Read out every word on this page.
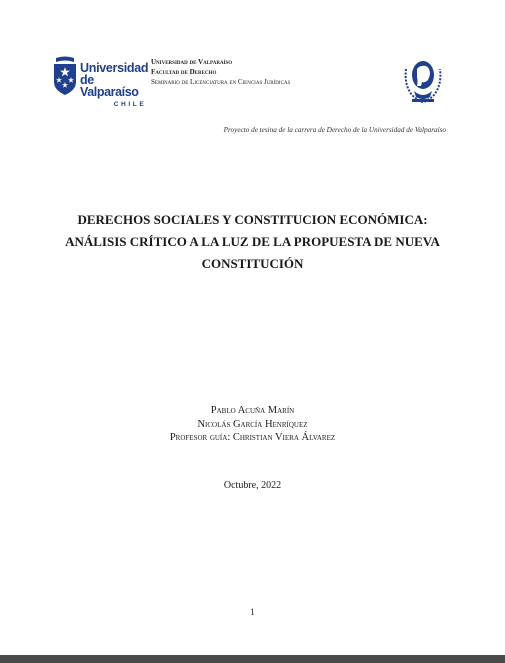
Universidad
de Valparaíso
CHILE
Universidad de Valparaíso
Facultad de Derecho
Seminario de Licenciatura en Ciencias Jurídicas
Proyecto de tesina de la carrera de Derecho de la Universidad de Valparaíso
DERECHOS SOCIALES Y CONSTITUCION ECONÓMICA:
ANÁLISIS CRÍTICO A LA LUZ DE LA PROPUESTA DE NUEVA
CONSTITUCIÓN
Pablo Acuña Marín
Nicolás García Henríquez
Profesor guía: Christian Viera Álvarez
Octubre, 2022
1
